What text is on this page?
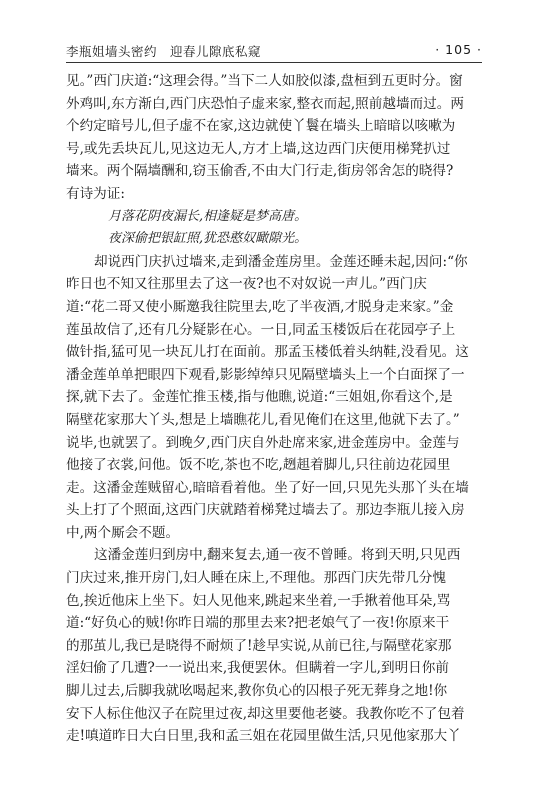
李瓶姐墙头密约　迎春儿隙底私窥	· 105 ·
见。”西门庆道:“这理会得。”当下二人如胶似漆,盘桓到五更时分。窗
外鸡叫,东方渐白,西门庆恐怕子虚来家,整衣而起,照前越墙而过。两
个约定暗号儿,但子虚不在家,这边就使丫鬟在墙头上暗暗以咳嗽为
号,或先丢块瓦儿,见这边无人,方才上墙,这边西门庆便用梯凳扒过
墙来。两个隔墙酬和,窃玉偷香,不由大门行走,街房邻舍怎的晓得?
有诗为证:
月落花阴夜漏长,相逢疑是梦高唐。
夜深偷把银缸照,犹恐憨奴瞰隙光。
却说西门庆扒过墙来,走到潘金莲房里。金莲还睡未起,因问:“你
昨日也不知又往那里去了这一夜?也不对奴说一声儿。”西门庆
道:“花二哥又使小厮邀我往院里去,吃了半夜酒,才脱身走来家。”金
莲虽故信了,还有几分疑影在心。一日,同孟玉楼饭后在花园亭子上
做针指,猛可见一块瓦儿打在面前。那孟玉楼低着头纳鞋,没看见。这
潘金莲单单把眼四下观看,影影绰绰只见隔壁墙头上一个白面探了一
探,就下去了。金莲忙推玉楼,指与他瞧,说道:“三姐姐,你看这个,是
隔壁花家那大丫头,想是上墙瞧花儿,看见俺们在这里,他就下去了。”
说毕,也就罢了。到晚夕,西门庆自外赴席来家,进金莲房中。金莲与
他接了衣裳,问他。饭不吃,茶也不吃,趔趄着脚儿,只往前边花园里
走。这潘金莲贼留心,暗暗看着他。坐了好一回,只见先头那丫头在墙
头上打了个照面,这西门庆就踏着梯凳过墙去了。那边李瓶儿接入房
中,两个厮会不题。
这潘金莲归到房中,翻来复去,通一夜不曾睡。将到天明,只见西
门庆过来,推开房门,妇人睡在床上,不理他。那西门庆先带几分愧
色,挨近他床上坐下。妇人见他来,跳起来坐着,一手揪着他耳朵,骂
道:“好负心的贼!你昨日端的那里去来?把老娘气了一夜!你原来干
的那茧儿,我已是晓得不耐烦了!趁早实说,从前已往,与隔壁花家那
淫妇偷了几遭?一一说出来,我便罢休。但瞒着一字儿,到明日你前
脚儿过去,后脚我就吆喝起来,教你负心的囚根子死无葬身之地!你
安下人标住他汉子在院里过夜,却这里要他老婆。我教你吃不了包着
走!嗔道昨日大白日里,我和孟三姐在花园里做生活,只见他家那大丫
